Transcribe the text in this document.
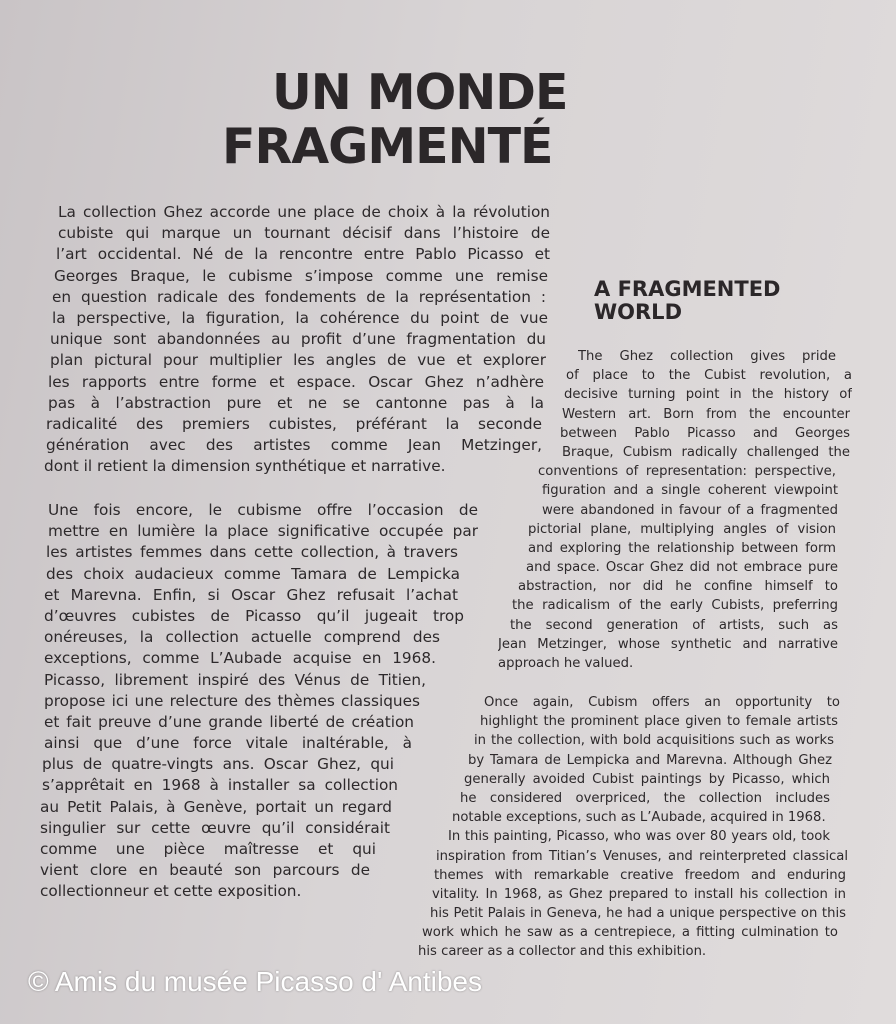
UN MONDE
FRAGMENTÉ
La collection Ghez accorde une place de choix à la révolution
cubiste qui marque un tournant décisif dans l’histoire de
l’art occidental. Né de la rencontre entre Pablo Picasso et
Georges Braque, le cubisme s’impose comme une remise
en question radicale des fondements de la représentation :
la perspective, la figuration, la cohérence du point de vue
unique sont abandonnées au profit d’une fragmentation du
plan pictural pour multiplier les angles de vue et explorer
les rapports entre forme et espace. Oscar Ghez n’adhère
pas à l’abstraction pure et ne se cantonne pas à la
radicalité des premiers cubistes, préférant la seconde
génération avec des artistes comme Jean Metzinger,
dont il retient la dimension synthétique et narrative.
Une fois encore, le cubisme offre l’occasion de
mettre en lumière la place significative occupée par
les artistes femmes dans cette collection, à travers
des choix audacieux comme Tamara de Lempicka
et Marevna. Enfin, si Oscar Ghez refusait l’achat
d’œuvres cubistes de Picasso qu’il jugeait trop
onéreuses, la collection actuelle comprend des
exceptions, comme L’Aubade acquise en 1968.
Picasso, librement inspiré des Vénus de Titien,
propose ici une relecture des thèmes classiques
et fait preuve d’une grande liberté de création
ainsi que d’une force vitale inaltérable, à
plus de quatre-vingts ans. Oscar Ghez, qui
s’apprêtait en 1968 à installer sa collection
au Petit Palais, à Genève, portait un regard
singulier sur cette œuvre qu’il considérait
comme une pièce maîtresse et qui
vient clore en beauté son parcours de
collectionneur et cette exposition.
A FRAGMENTED
WORLD
The Ghez collection gives pride
of place to the Cubist revolution, a
decisive turning point in the history of
Western art. Born from the encounter
between Pablo Picasso and Georges
Braque, Cubism radically challenged the
conventions of representation: perspective,
figuration and a single coherent viewpoint
were abandoned in favour of a fragmented
pictorial plane, multiplying angles of vision
and exploring the relationship between form
and space. Oscar Ghez did not embrace pure
abstraction, nor did he confine himself to
the radicalism of the early Cubists, preferring
the second generation of artists, such as
Jean Metzinger, whose synthetic and narrative
approach he valued.
Once again, Cubism offers an opportunity to
highlight the prominent place given to female artists
in the collection, with bold acquisitions such as works
by Tamara de Lempicka and Marevna. Although Ghez
generally avoided Cubist paintings by Picasso, which
he considered overpriced, the collection includes
notable exceptions, such as L’Aubade, acquired in 1968.
In this painting, Picasso, who was over 80 years old, took
inspiration from Titian’s Venuses, and reinterpreted classical
themes with remarkable creative freedom and enduring
vitality. In 1968, as Ghez prepared to install his collection in
his Petit Palais in Geneva, he had a unique perspective on this
work which he saw as a centrepiece, a fitting culmination to
his career as a collector and this exhibition.
© Amis du musée Picasso d' Antibes
